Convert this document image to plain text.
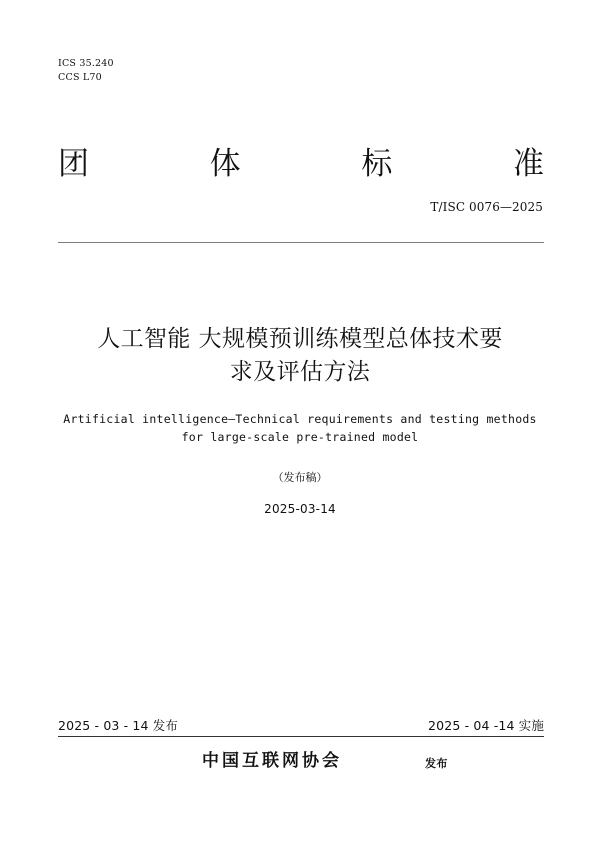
ICS 35.240
CCS L70
团	体	标	准
T/ISC 0076—2025
人工智能 大规模预训练模型总体技术要
求及评估方法
Artificial intelligence—Technical requirements and testing methods
for large-scale pre-trained model
（发布稿）
2025-03-14
2025 - 03 - 14 发布	2025 - 04 -14 实施
中国互联网协会	发布
